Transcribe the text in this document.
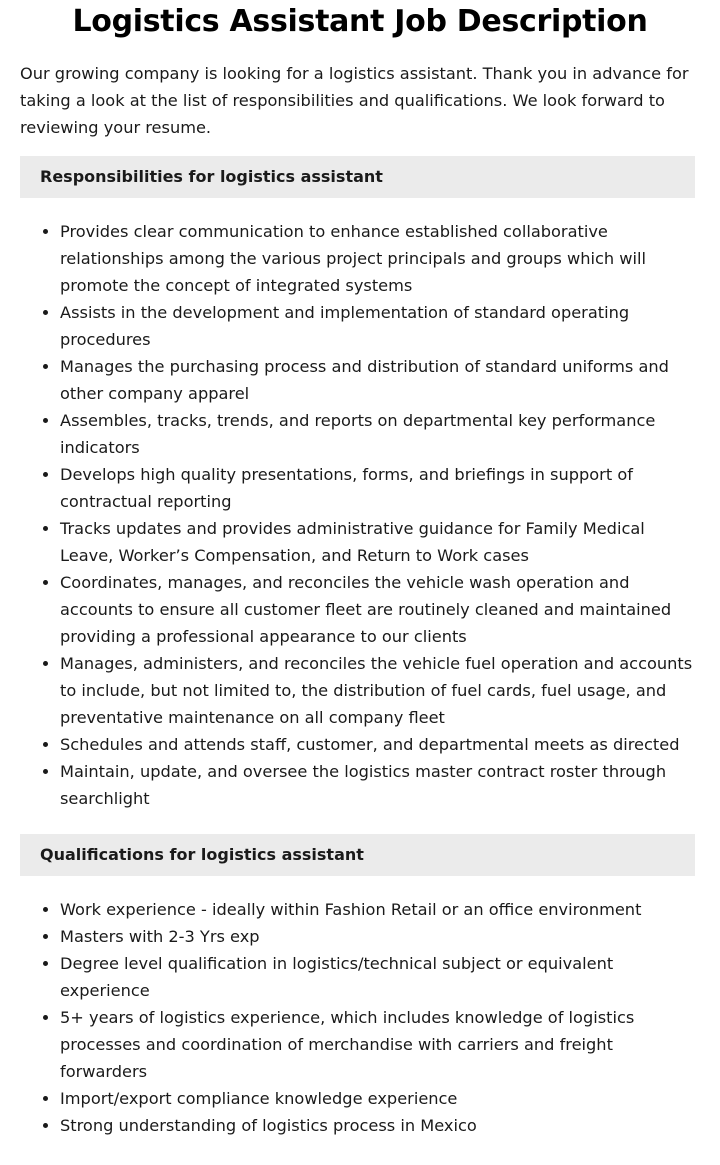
Logistics Assistant Job Description

Our growing company is looking for a logistics assistant. Thank you in advance for taking a look at the list of responsibilities and qualifications. We look forward to reviewing your resume.

Responsibilities for logistics assistant
• Provides clear communication to enhance established collaborative relationships among the various project principals and groups which will promote the concept of integrated systems
• Assists in the development and implementation of standard operating procedures
• Manages the purchasing process and distribution of standard uniforms and other company apparel
• Assembles, tracks, trends, and reports on departmental key performance indicators
• Develops high quality presentations, forms, and briefings in support of contractual reporting
• Tracks updates and provides administrative guidance for Family Medical Leave, Worker’s Compensation, and Return to Work cases
• Coordinates, manages, and reconciles the vehicle wash operation and accounts to ensure all customer fleet are routinely cleaned and maintained providing a professional appearance to our clients
• Manages, administers, and reconciles the vehicle fuel operation and accounts to include, but not limited to, the distribution of fuel cards, fuel usage, and preventative maintenance on all company fleet
• Schedules and attends staff, customer, and departmental meets as directed
• Maintain, update, and oversee the logistics master contract roster through searchlight
Qualifications for logistics assistant
• Work experience - ideally within Fashion Retail or an office environment
• Masters with 2-3 Yrs exp
• Degree level qualification in logistics/technical subject or equivalent experience
• 5+ years of logistics experience, which includes knowledge of logistics processes and coordination of merchandise with carriers and freight forwarders
• Import/export compliance knowledge experience
• Strong understanding of logistics process in Mexico
